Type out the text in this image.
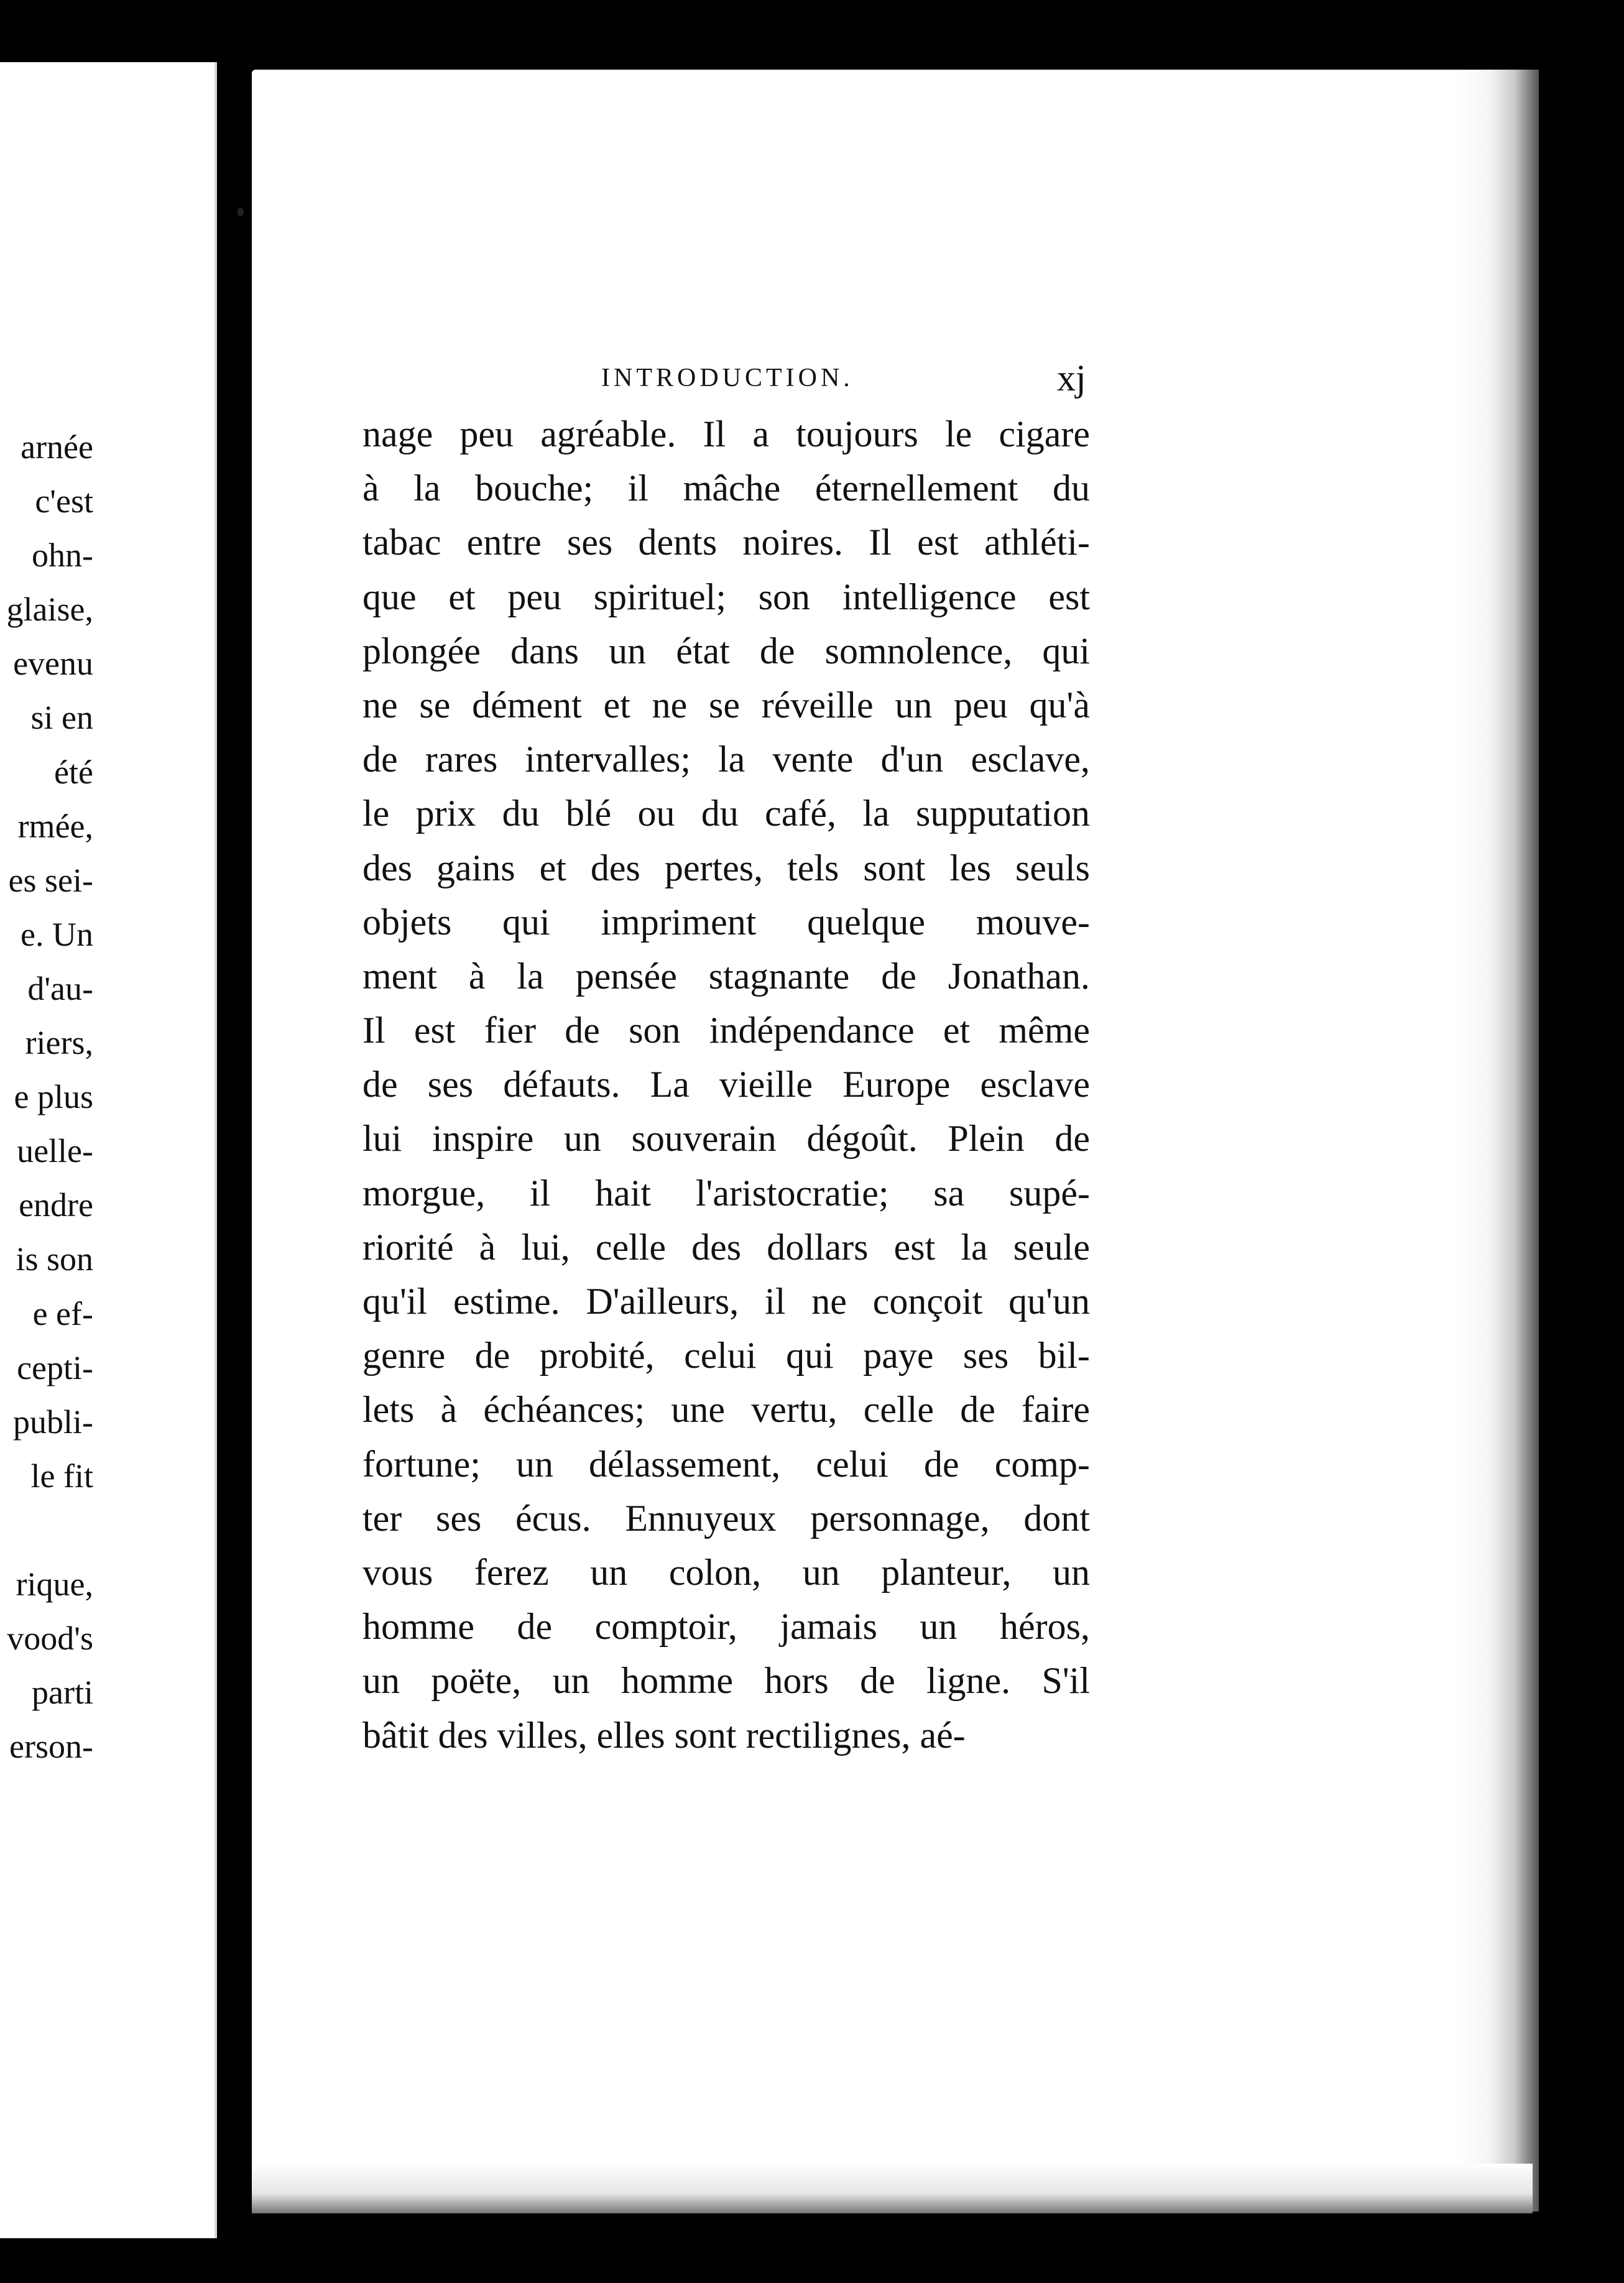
arnée
c'est
ohn-
glaise,
evenu
si en
été
rmée,
es sei-
e. Un
d'au-
riers,
e plus
uelle-
endre
is son
e ef-
cepti-
publi-
le fit
rique,
vood's
parti
erson-
INTRODUCTION.	xj
nage peu agréable. Il a toujours le cigare
à la bouche; il mâche éternellement du
tabac entre ses dents noires. Il est athléti-
que et peu spirituel; son intelligence est
plongée dans un état de somnolence, qui
ne se dément et ne se réveille un peu qu'à
de rares intervalles; la vente d'un esclave,
le prix du blé ou du café, la supputation
des gains et des pertes, tels sont les seuls
objets qui impriment quelque mouve-
ment à la pensée stagnante de Jonathan.
Il est fier de son indépendance et même
de ses défauts. La vieille Europe esclave
lui inspire un souverain dégoût. Plein de
morgue, il hait l'aristocratie; sa supé-
riorité à lui, celle des dollars est la seule
qu'il estime. D'ailleurs, il ne conçoit qu'un
genre de probité, celui qui paye ses bil-
lets à échéances; une vertu, celle de faire
fortune; un délassement, celui de comp-
ter ses écus. Ennuyeux personnage, dont
vous ferez un colon, un planteur, un
homme de comptoir, jamais un héros,
un poëte, un homme hors de ligne. S'il
bâtit des villes, elles sont rectilignes, aé-
